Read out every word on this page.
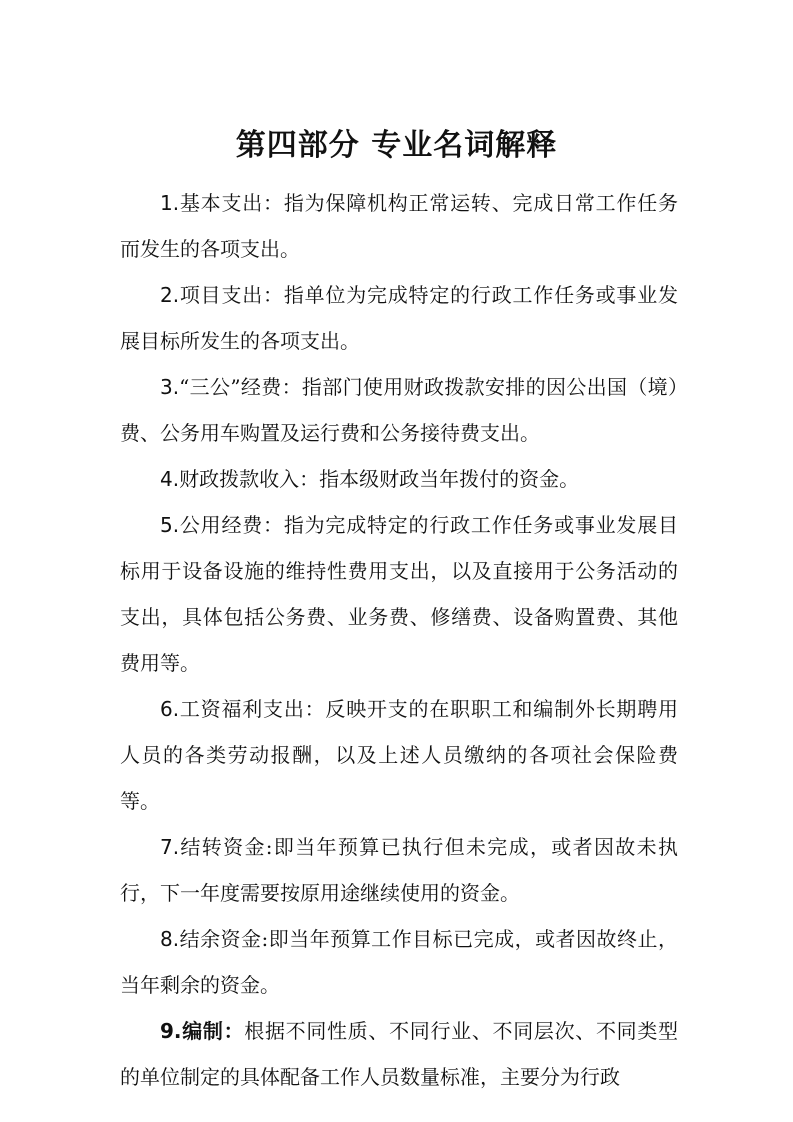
第四部分 专业名词解释

1.基本支出：指为保障机构正常运转、完成日常工作任务而发生的各项支出。

2.项目支出：指单位为完成特定的行政工作任务或事业发展目标所发生的各项支出。

3.“三公”经费：指部门使用财政拨款安排的因公出国（境）费、公务用车购置及运行费和公务接待费支出。

4.财政拨款收入：指本级财政当年拨付的资金。

5.公用经费：指为完成特定的行政工作任务或事业发展目标用于设备设施的维持性费用支出，以及直接用于公务活动的支出，具体包括公务费、业务费、修缮费、设备购置费、其他费用等。

6.工资福利支出：反映开支的在职职工和编制外长期聘用人员的各类劳动报酬，以及上述人员缴纳的各项社会保险费等。

7.结转资金:即当年预算已执行但未完成，或者因故未执行，下一年度需要按原用途继续使用的资金。

8.结余资金:即当年预算工作目标已完成，或者因故终止，当年剩余的资金。

9.编制：根据不同性质、不同行业、不同层次、不同类型的单位制定的具体配备工作人员数量标准，主要分为行政
